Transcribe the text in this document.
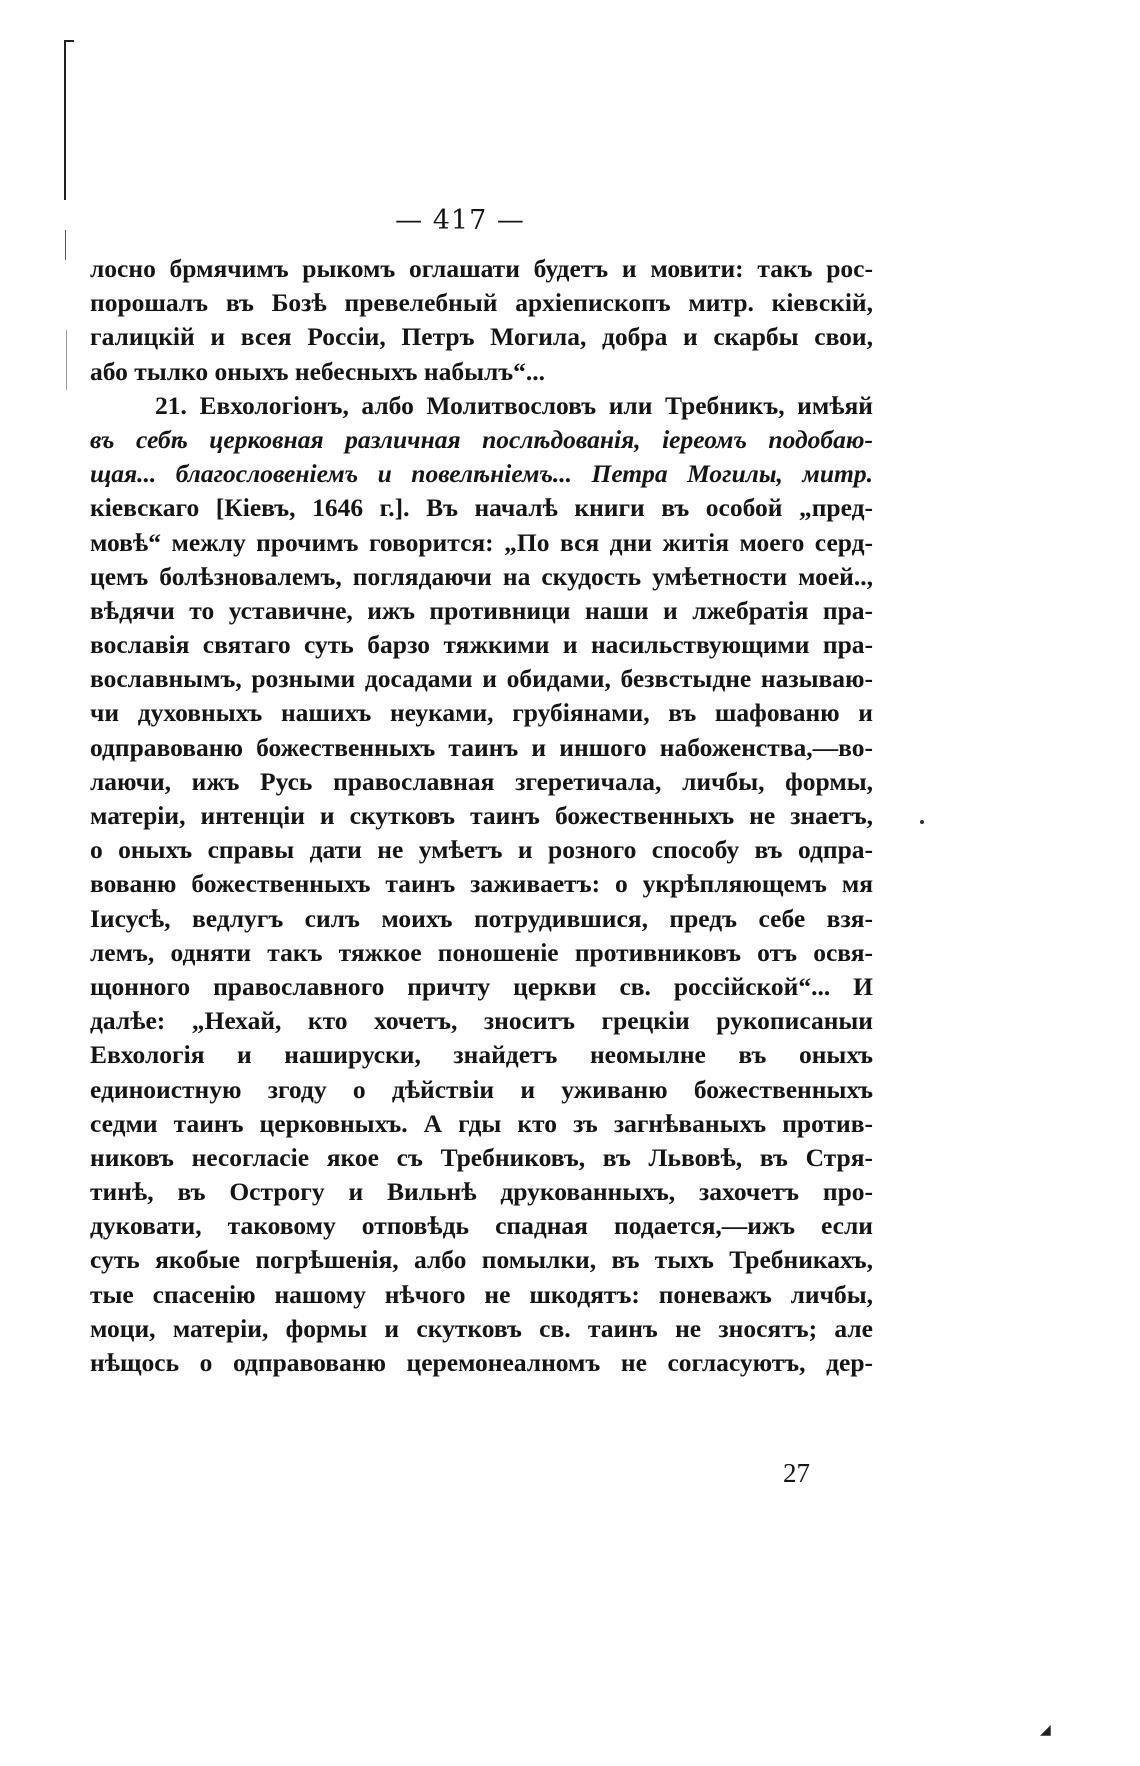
— 417 —
лосно брмячимъ рыкомъ оглашати будетъ и мовити: такъ рос-
порошалъ въ Бозѣ превелебный архіепископъ митр. кіевскій,
галицкій и всея Россіи, Петръ Могила, добра и скарбы свои,
або тылко оныхъ небесныхъ набылъ“...
21. Евхологіонъ, албо Молитвословъ или Требникъ, имѣяй
въ себѣ церковная различная послѣдованія, іереомъ подобаю-
щая... благословеніемъ и повелѣніемъ... Петра Могилы, митр.
кіевскаго [Кіевъ, 1646 г.]. Въ началѣ книги въ особой „пред-
мовѣ“ межлу прочимъ говорится: „По вся дни житія моего серд-
цемъ болѣзновалемъ, поглядаючи на скудость умѣетности моей..,
вѣдячи то уставичне, ижъ противници наши и лжебратія пра-
вославія святаго суть барзо тяжкими и насильствующими пра-
вославнымъ, розными досадами и обидами, безвстыдне называю-
чи духовныхъ нашихъ неуками, грубіянами, въ шафованю и
одправованю божественныхъ таинъ и иншого набоженства,—во-
лаючи, ижъ Русь православная згеретичала, личбы, формы,
матеріи, интенціи и скутковъ таинъ божественныхъ не знаетъ,
о оныхъ справы дати не умѣетъ и розного способу въ одпра-
вованю божественныхъ таинъ заживаетъ: о укрѣпляющемъ мя
Іисусѣ, ведлугъ силъ моихъ потрудившися, предъ себе взя-
лемъ, одняти такъ тяжкое поношеніе противниковъ отъ освя-
щонного православного причту церкви св. россійской“... И
далѣе: „Нехай, кто хочетъ, зноситъ грецкіи рукописаныи
Евхологія и нашируски, знайдетъ неомылне въ оныхъ
единоистную згоду о дѣйствіи и уживаню божественныхъ
седми таинъ церковныхъ. А гды кто зъ загнѣваныхъ против-
никовъ несогласіе якое съ Требниковъ, въ Львовѣ, въ Стря-
тинѣ, въ Острогу и Вильнѣ друкованныхъ, захочетъ про-
дуковати, таковому отповѣдь спадная подаетcя,—ижъ если
суть якобые погрѣшенія, албо помылки, въ тыхъ Требникахъ,
тые спасенію нашому нѣчого не шкодятъ: поневажъ личбы,
моци, матеріи, формы и скутковъ св. таинъ не зносятъ; але
нѣщось о одправованю церемонеалномъ не согласуютъ, дер-
27
◢
